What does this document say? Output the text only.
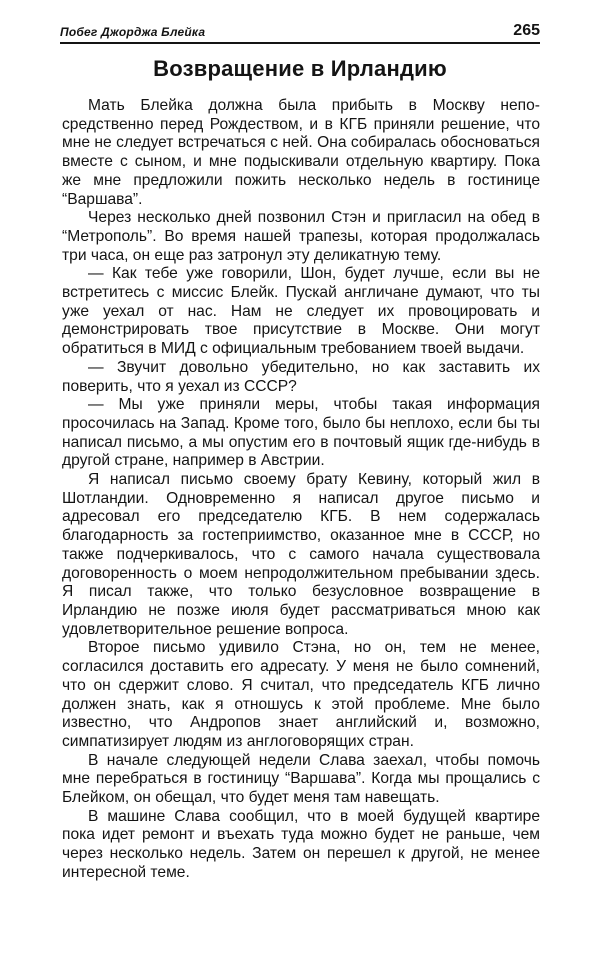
Побег Джорджа Блейка	265
Возвращение в Ирландию

Мать Блейка должна была прибыть в Москву непосредственно перед Рождеством, и в КГБ приняли решение, что мне не следует встречаться с ней. Она собиралась обосноваться вместе с сыном, и мне подыскивали отдельную квартиру. Пока же мне предложили пожить несколько недель в гостинице “Варшава”.

Через несколько дней позвонил Стэн и пригласил на обед в “Метрополь”. Во время нашей трапезы, которая продолжалась три часа, он еще раз затронул эту деликатную тему.

— Как тебе уже говорили, Шон, будет лучше, если вы не встретитесь с миссис Блейк. Пускай англичане думают, что ты уже уехал от нас. Нам не следует их провоцировать и демонстрировать твое присутствие в Москве. Они могут обратиться в МИД с официальным требованием твоей выдачи.

— Звучит довольно убедительно, но как заставить их поверить, что я уехал из СССР?

— Мы уже приняли меры, чтобы такая информация просочилась на Запад. Кроме того, было бы неплохо, если бы ты написал письмо, а мы опустим его в почтовый ящик где-нибудь в другой стране, например в Австрии.

Я написал письмо своему брату Кевину, который жил в Шотландии. Одновременно я написал другое письмо и адресовал его председателю КГБ. В нем содержалась благодарность за гостеприимство, оказанное мне в СССР, но также подчеркивалось, что с самого начала существовала договоренность о моем непродолжительном пребывании здесь. Я писал также, что только безусловное возвращение в Ирландию не позже июля будет рассматриваться мною как удовлетворительное решение вопроса.

Второе письмо удивило Стэна, но он, тем не менее, согласился доставить его адресату. У меня не было сомнений, что он сдержит слово. Я считал, что председатель КГБ лично должен знать, как я отношусь к этой проблеме. Мне было известно, что Андропов знает английский и, возможно, симпатизирует людям из англоговорящих стран.

В начале следующей недели Слава заехал, чтобы помочь мне перебраться в гостиницу “Варшава”. Когда мы прощались с Блейком, он обещал, что будет меня там навещать.

В машине Слава сообщил, что в моей будущей квартире пока идет ремонт и въехать туда можно будет не раньше, чем через несколько недель. Затем он перешел к другой, не менее интересной теме.
